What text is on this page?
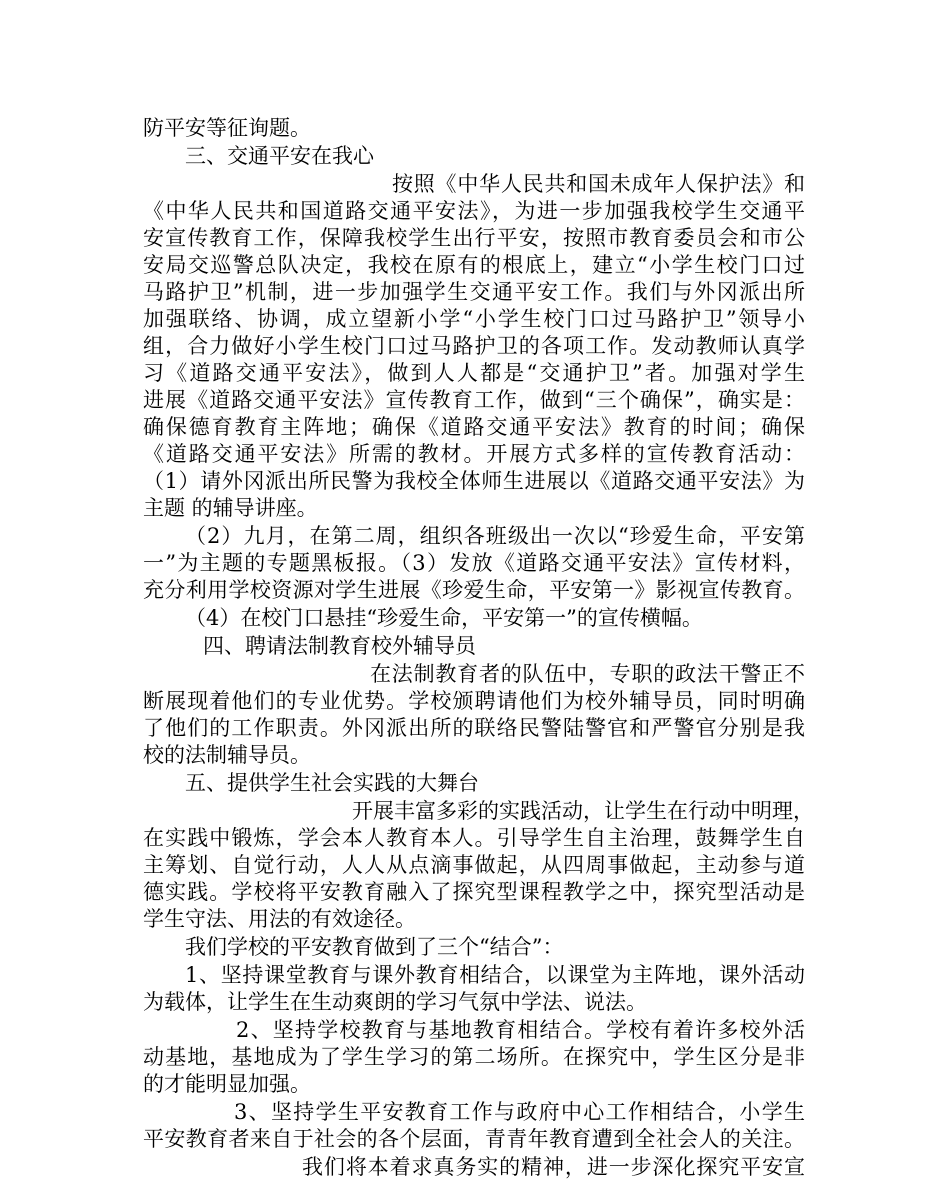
防平安等征询题。
三、交通平安在我心
按照《中华人民共和国未成年人保护法》和
《中华人民共和国道路交通平安法》，为进一步加强我校学生交通平
安宣传教育工作，保障我校学生出行平安，按照市教育委员会和市公
安局交巡警总队决定，我校在原有的根底上，建立“小学生校门口过
马路护卫”机制，进一步加强学生交通平安工作。我们与外冈派出所
加强联络、协调，成立望新小学“小学生校门口过马路护卫”领导小
组，合力做好小学生校门口过马路护卫的各项工作。发动教师认真学
习《道路交通平安法》，做到人人都是“交通护卫”者。加强对学生
进展《道路交通平安法》宣传教育工作，做到“三个确保”，确实是：
确保德育教育主阵地；确保《道路交通平安法》教育的时间；确保
《道路交通平安法》所需的教材。开展方式多样的宣传教育活动：
（1）请外冈派出所民警为我校全体师生进展以《道路交通平安法》为
主题 的辅导讲座。
（2）九月，在第二周，组织各班级出一次以“珍爱生命，平安第
一”为主题的专题黑板报。（3）发放《道路交通平安法》宣传材料，
充分利用学校资源对学生进展《珍爱生命，平安第一》影视宣传教育。
（4）在校门口悬挂“珍爱生命，平安第一”的宣传横幅。
四、聘请法制教育校外辅导员
在法制教育者的队伍中，专职的政法干警正不
断展现着他们的专业优势。学校颁聘请他们为校外辅导员，同时明确
了他们的工作职责。外冈派出所的联络民警陆警官和严警官分别是我
校的法制辅导员。
五、提供学生社会实践的大舞台
开展丰富多彩的实践活动，让学生在行动中明理，
在实践中锻炼，学会本人教育本人。引导学生自主治理，鼓舞学生自
主筹划、自觉行动，人人从点滴事做起，从四周事做起，主动参与道
德实践。学校将平安教育融入了探究型课程教学之中，探究型活动是
学生守法、用法的有效途径。
我们学校的平安教育做到了三个“结合”：
1、坚持课堂教育与课外教育相结合，以课堂为主阵地，课外活动
为载体，让学生在生动爽朗的学习气氛中学法、说法。
2、坚持学校教育与基地教育相结合。学校有着许多校外活
动基地，基地成为了学生学习的第二场所。在探究中，学生区分是非
的才能明显加强。
3、坚持学生平安教育工作与政府中心工作相结合，小学生
平安教育者来自于社会的各个层面，青青年教育遭到全社会人的关注。
我们将本着求真务实的精神，进一步深化探究平安宣
